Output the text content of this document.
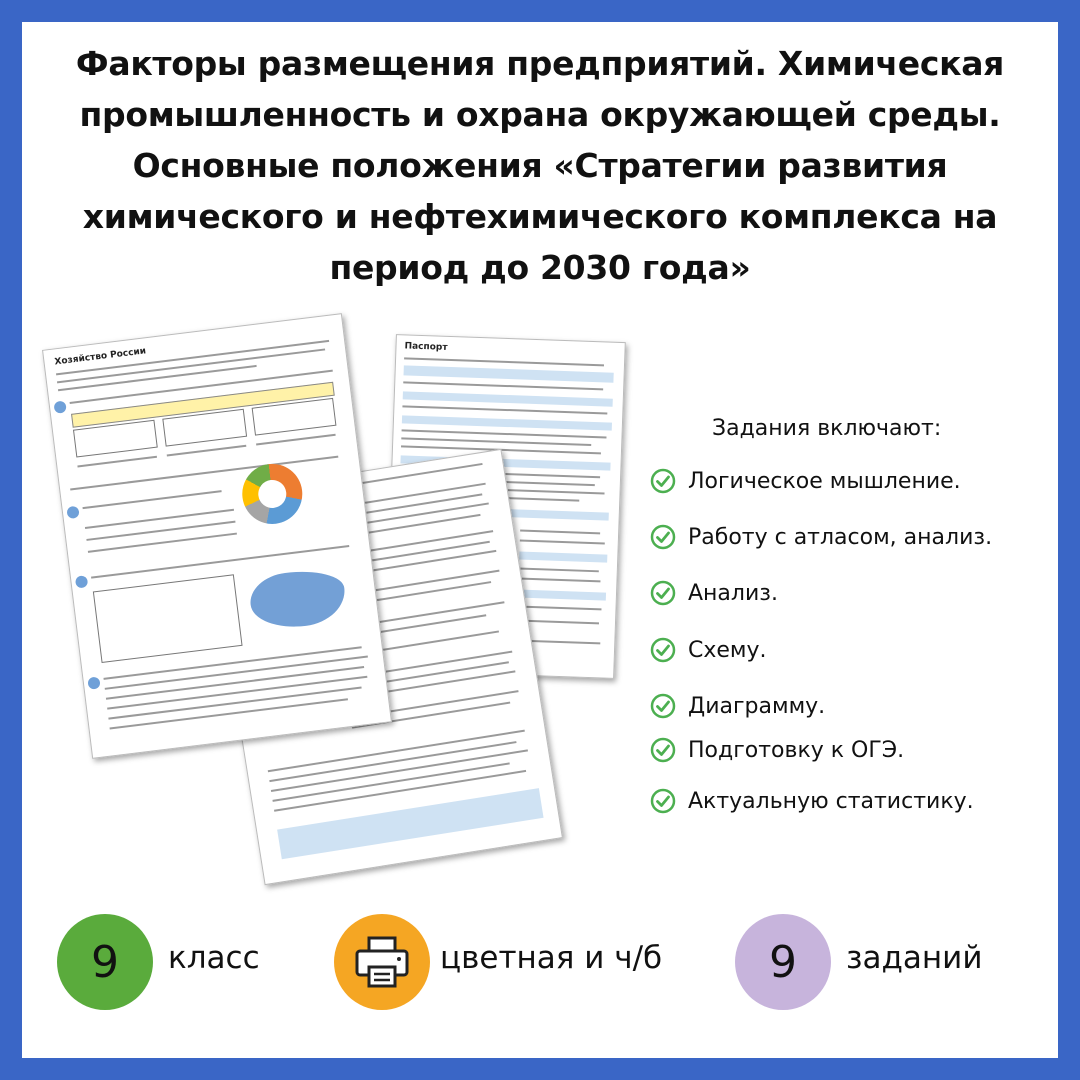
Факторы размещения предприятий. Химическая
промышленность и охрана окружающей среды.
Основные положения «Стратегии развития
химического и нефтехимического комплекса на
период до 2030 года»
Паспорт
Хозяйство России
Задания включают:
Логическое мышление.
Работу с атласом, анализ.
Анализ.
Схему.
Диаграмму.
Подготовку к ОГЭ.
Актуальную статистику.
9 класс	цветная и ч/б 9 заданий
